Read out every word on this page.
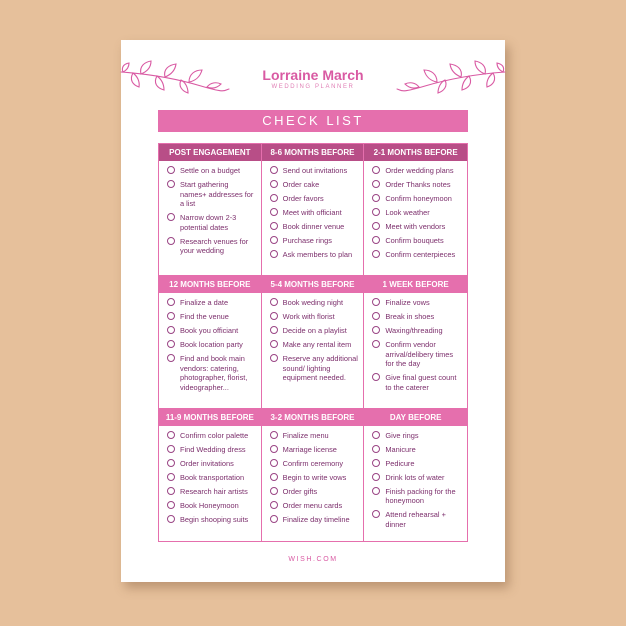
Lorraine March
WEDDING PLANNER
CHECK LIST
POST ENGAGEMENT
Settle on a budget
Start gathering names+ addresses for a list
Narrow down 2-3 potential dates
Research venues for your wedding
8-6 MONTHS BEFORE
Send out invitations
Order cake
Order favors
Meet with officiant
Book dinner venue
Purchase rings
Ask members to plan
2-1 MONTHS BEFORE
Order wedding plans
Order Thanks notes
Confirm honeymoon
Look weather
Meet with vendors
Confirm bouquets
Confirm centerpieces
12 MONTHS BEFORE
Finalize a date
Find the venue
Book you officiant
Book location party
Find and book main vendors: catering, photographer, florist, videographer...
5-4 MONTHS BEFORE
Book weding night
Work with florist
Decide on a playlist
Make any rental item
Reserve any additional sound/ lighting equipment needed.
1 WEEK BEFORE
Finalize vows
Break in shoes
Waxing/threading
Confirm vendor arrival/delibery times for the day
Give final guest count to the caterer
11-9 MONTHS BEFORE
Confirm color palette
Find Wedding dress
Order invitations
Book transportation
Research hair artists
Book Honeymoon
Begin shooping suits
3-2 MONTHS BEFORE
Finalize menu
Marriage license
Confirm ceremony
Begin to write vows
Order gifts
Order menu cards
Finalize day timeline
DAY BEFORE
Give rings
Manicure
Pedicure
Drink lots of water
Finish packing for the honeymoon
Attend rehearsal + dinner
WISH.COM
